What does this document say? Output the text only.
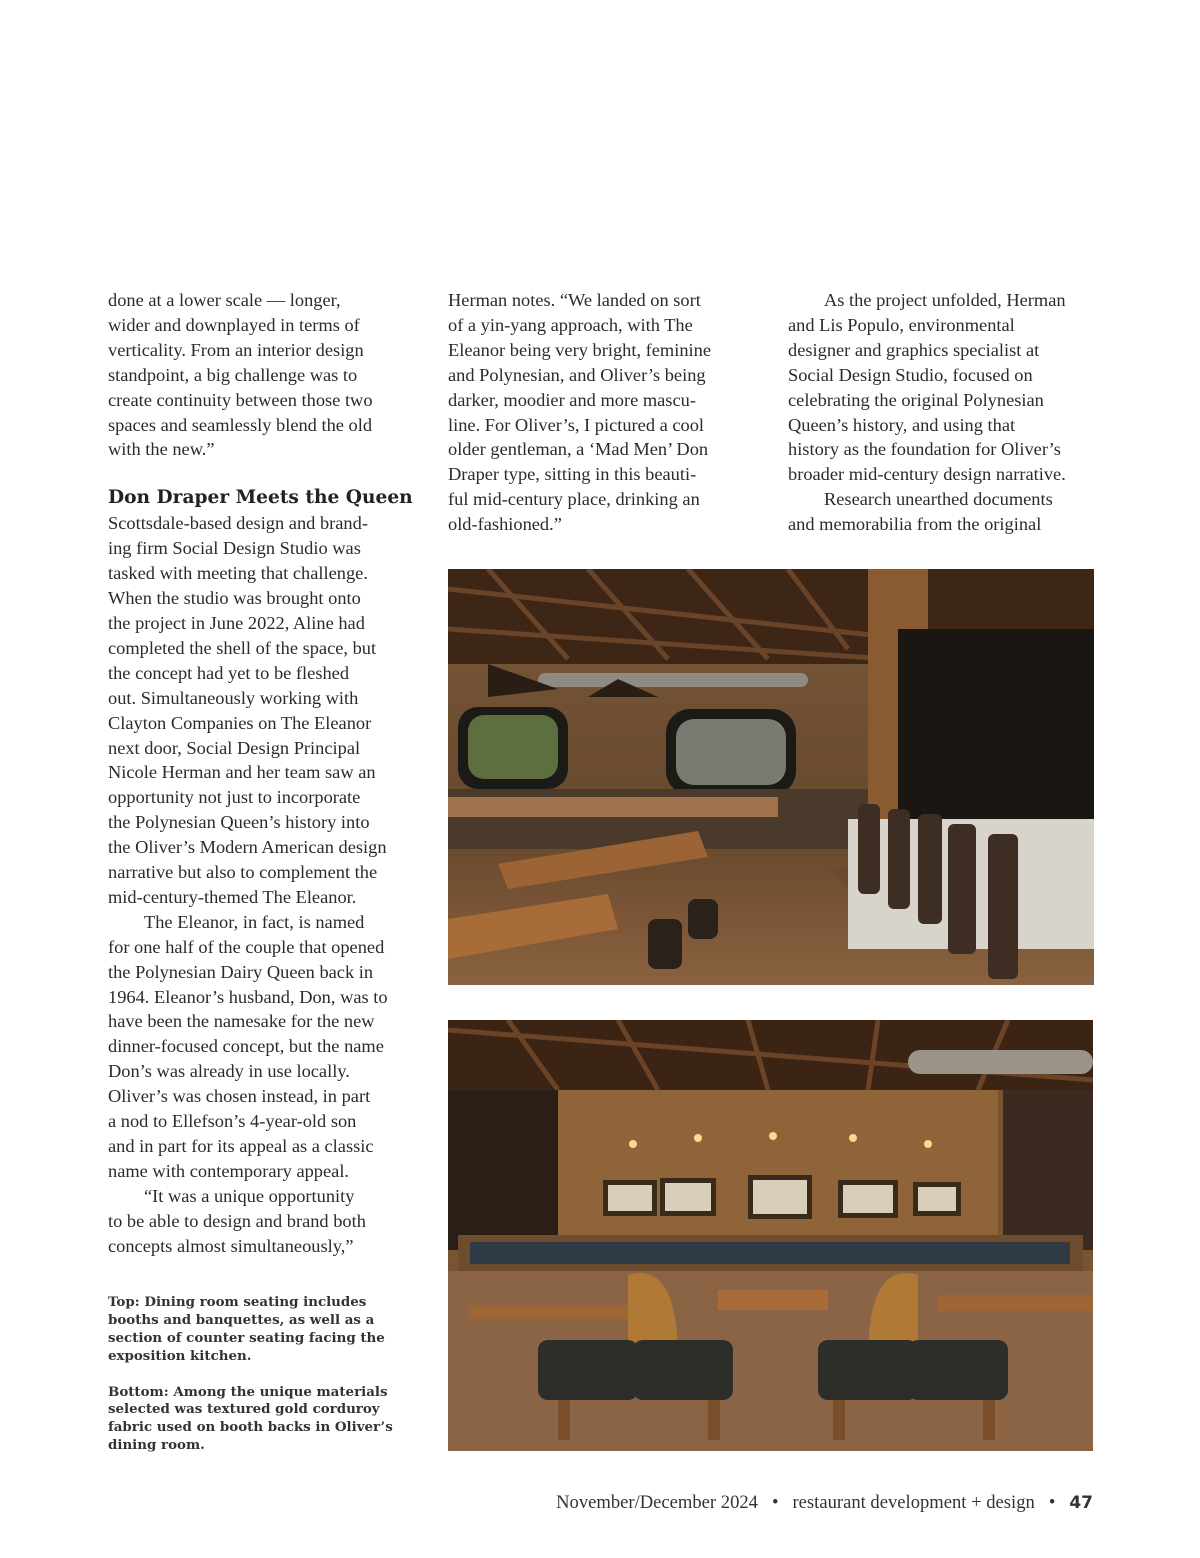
done at a lower scale — longer,
wider and downplayed in terms of
verticality. From an interior design
standpoint, a big challenge was to
create continuity between those two
spaces and seamlessly blend the old
with the new.”
Don Draper Meets the Queen
Scottsdale-based design and brand-
ing firm Social Design Studio was
tasked with meeting that challenge.
When the studio was brought onto
the project in June 2022, Aline had
completed the shell of the space, but
the concept had yet to be fleshed
out. Simultaneously working with
Clayton Companies on The Eleanor
next door, Social Design Principal
Nicole Herman and her team saw an
opportunity not just to incorporate
the Polynesian Queen’s history into
the Oliver’s Modern American design
narrative but also to complement the
mid-century-themed The Eleanor.
The Eleanor, in fact, is named
for one half of the couple that opened
the Polynesian Dairy Queen back in
1964. Eleanor’s husband, Don, was to
have been the namesake for the new
dinner-focused concept, but the name
Don’s was already in use locally.
Oliver’s was chosen instead, in part
a nod to Ellefson’s 4-year-old son
and in part for its appeal as a classic
name with contemporary appeal.
“It was a unique opportunity
to be able to design and brand both
concepts almost simultaneously,”
Herman notes. “We landed on sort
of a yin-yang approach, with The
Eleanor being very bright, feminine
and Polynesian, and Oliver’s being
darker, moodier and more mascu-
line. For Oliver’s, I pictured a cool
older gentleman, a ‘Mad Men’ Don
Draper type, sitting in this beauti-
ful mid-century place, drinking an
old-fashioned.”
As the project unfolded, Herman
and Lis Populo, environmental
designer and graphics specialist at
Social Design Studio, focused on
celebrating the original Polynesian
Queen’s history, and using that
history as the foundation for Oliver’s
broader mid-century design narrative.
Research unearthed documents
and memorabilia from the original
Top: Dining room seating includes
booths and banquettes, as well as a
section of counter seating facing the
exposition kitchen.
Bottom: Among the unique materials
selected was textured gold corduroy
fabric used on booth backs in Oliver’s
dining room.
November/December 2024 • restaurant development + design • 47
